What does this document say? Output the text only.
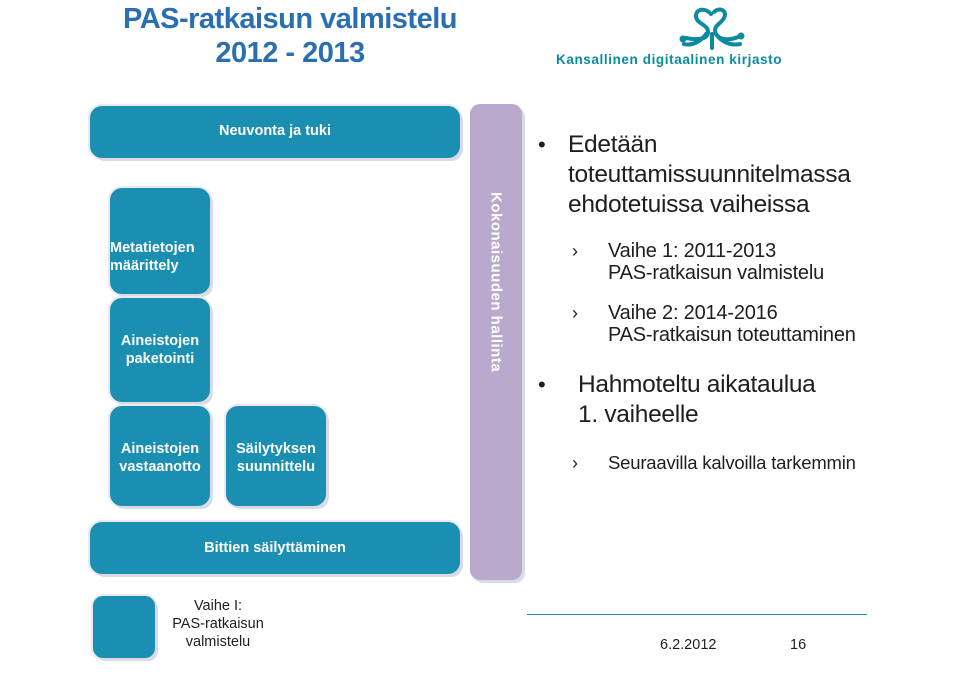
PAS-ratkaisun valmistelu
2012 - 2013	Kansallinen digitaalinen kirjasto
Neuvonta ja tuki
Metatietojen
määrittely
Aineistojen
paketointi
Aineistojen
vastaanotto
Säilytyksen
suunnittelu
Bittien säilyttäminen
Kokonaisuuden hallinta
• Edetään
toteuttamissuunnitelmassa
ehdotetuissa vaiheissa
› Vaihe 1: 2011-2013
PAS-ratkaisun valmistelu
› Vaihe 2: 2014-2016
PAS-ratkaisun toteuttaminen
• Hahmoteltu aikataulua
1. vaiheelle
› Seuraavilla kalvoilla tarkemmin
Vaihe I:
PAS-ratkaisun
valmistelu	6.2.2012	16
